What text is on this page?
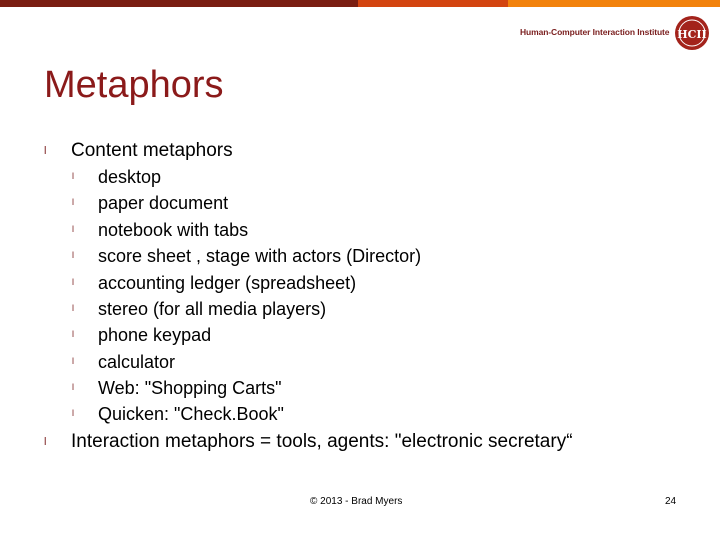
Human-Computer Interaction Institute HCII
Metaphors
l Content metaphors
l desktop
l paper document
l notebook with tabs
l score sheet , stage with actors (Director)
l accounting ledger (spreadsheet)
l stereo (for all media players)
l phone keypad
l calculator
l Web: "Shopping Carts"
l Quicken: "Check.Book"
l Interaction metaphors = tools, agents: "electronic secretary“
© 2013 - Brad Myers	24
